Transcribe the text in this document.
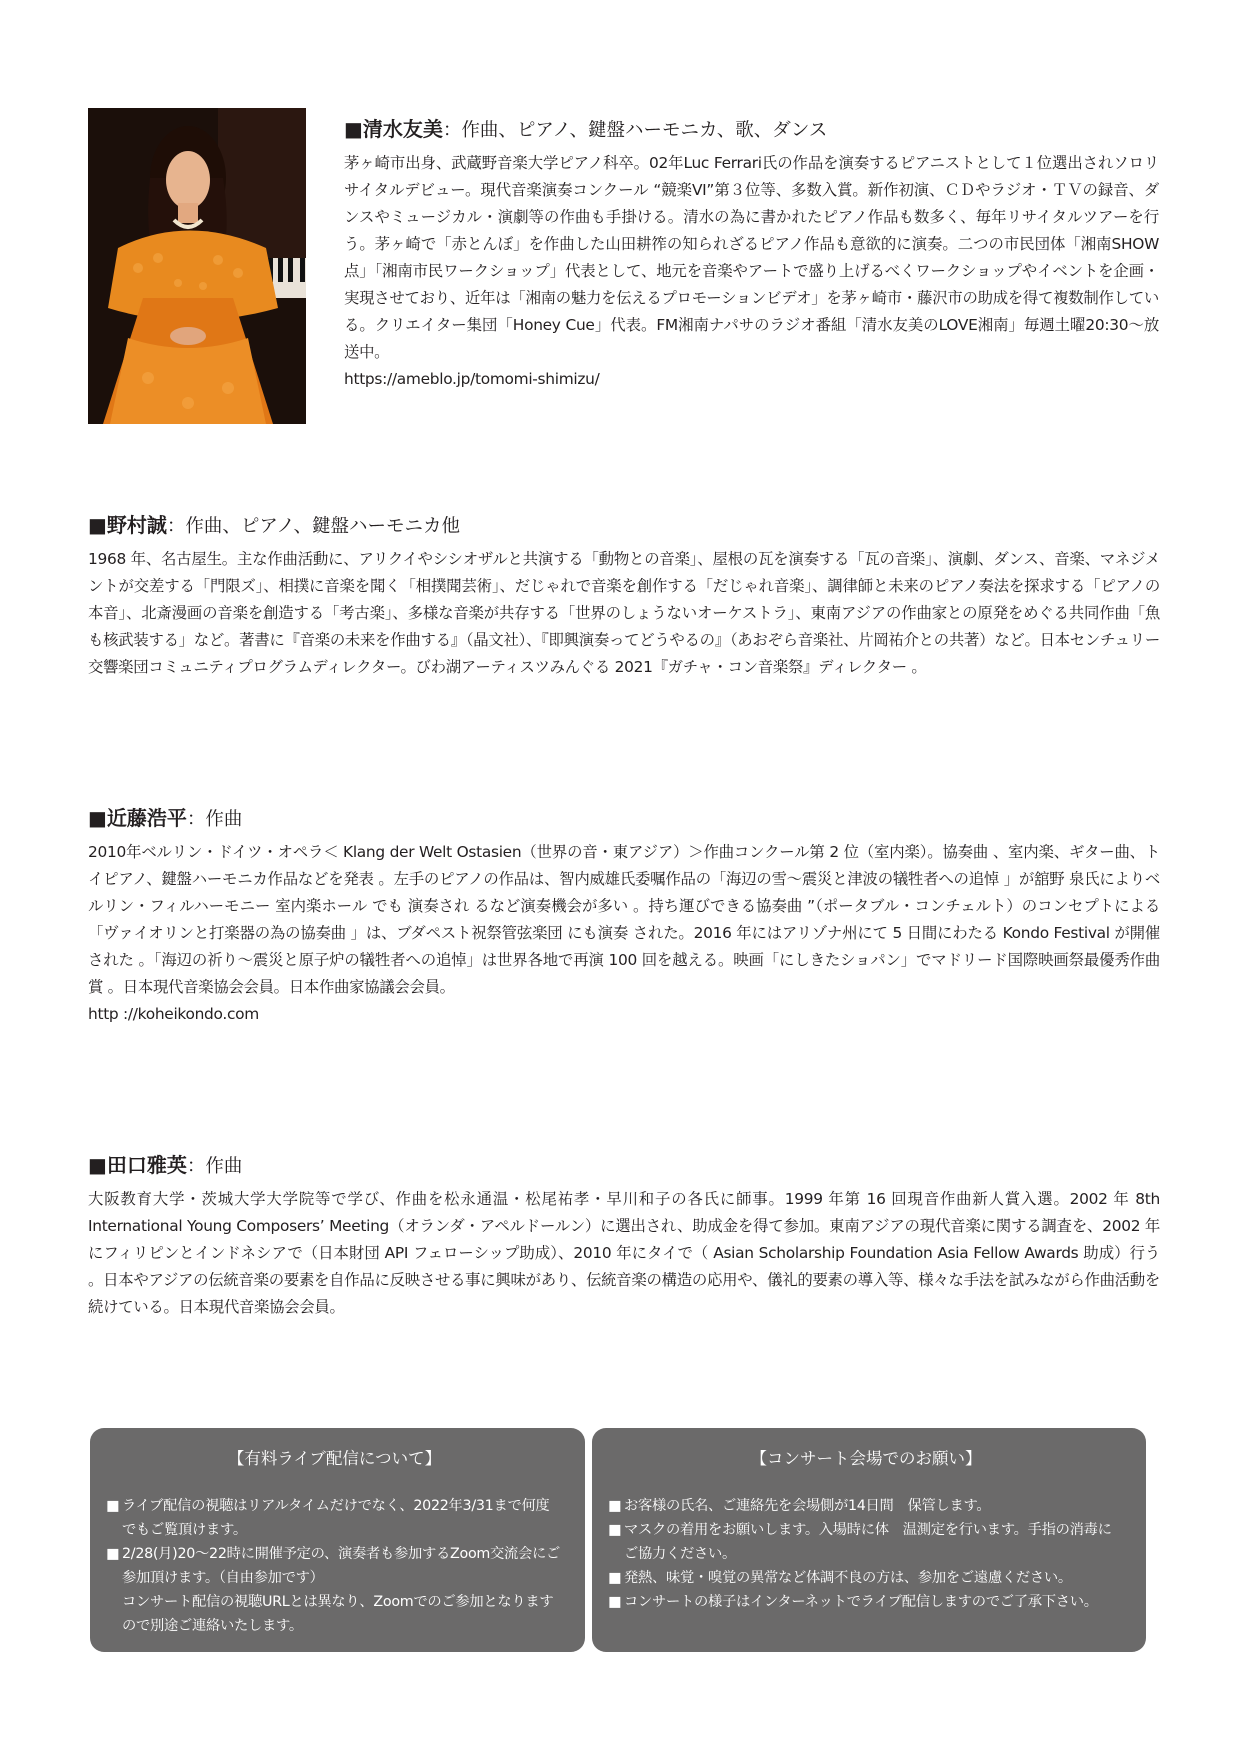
■清水友美：作曲、ピアノ、鍵盤ハーモニカ、歌、ダンス

茅ヶ崎市出身、武蔵野音楽大学ピアノ科卒。02年Luc Ferrari氏の作品を演奏するピアニストとして１位選出されソロリサイタルデビュー。現代音楽演奏コンクール “競楽VI”第３位等、多数入賞。新作初演、ＣＤやラジオ・ＴＶの録音、ダンスやミュージカル・演劇等の作曲も手掛ける。清水の為に書かれたピアノ作品も数多く、毎年リサイタルツアーを行う。茅ヶ崎で「赤とんぼ」を作曲した山田耕筰の知られざるピアノ作品も意欲的に演奏。二つの市民団体「湘南SHOW点」「湘南市民ワークショップ」代表として、地元を音楽やアートで盛り上げるべくワークショップやイベントを企画・実現させており、近年は「湘南の魅力を伝えるプロモーションビデオ」を茅ヶ崎市・藤沢市の助成を得て複数制作している。クリエイター集団「Honey Cue」代表。FM湘南ナパサのラジオ番組「清水友美のLOVE湘南」毎週土曜20:30〜放送中。

https://ameblo.jp/tomomi-shimizu/

■野村誠：作曲、ピアノ、鍵盤ハーモニカ他

1968 年、名古屋生。主な作曲活動に、アリクイやシシオザルと共演する「動物との音楽」、屋根の瓦を演奏する「瓦の音楽」、演劇、ダンス、音楽、マネジメントが交差する「門限ズ」、相撲に音楽を聞く「相撲聞芸術」、だじゃれで音楽を創作する「だじゃれ音楽」、調律師と未来のピアノ奏法を探求する「ピアノの本音」、北斎漫画の音楽を創造する「考古楽」、多様な音楽が共存する「世界のしょうないオーケストラ」、東南アジアの作曲家との原発をめぐる共同作曲「魚も核武装する」など。著書に『音楽の未来を作曲する』（晶文社）、『即興演奏ってどうやるの』（あおぞら音楽社、片岡祐介との共著）など。日本センチュリー交響楽団コミュニティプログラムディレクター。びわ湖アーティスツみんぐる 2021『ガチャ・コン音楽祭』ディレクター 。

■近藤浩平：作曲

2010年ベルリン・ドイツ・オペラ＜ Klang der Welt Ostasien（世界の音・東アジア）＞作曲コンクール第 2 位（室内楽）。協奏曲 、室内楽、ギター曲、トイピアノ、鍵盤ハーモニカ作品などを発表 。左手のピアノの作品は、智内威雄氏委嘱作品の「海辺の雪〜震災と津波の犠牲者への追悼 」が舘野 泉氏によりベルリン・フィルハーモニー 室内楽ホール でも 演奏され るなど演奏機会が多い 。持ち運びできる協奏曲 ”（ポータブル・コンチェルト）のコンセプトによる「ヴァイオリンと打楽器の為の協奏曲 」は、ブダペスト祝祭管弦楽団 にも演奏 された。2016 年にはアリゾナ州にて 5 日間にわたる Kondo Festival が開催 された 。「海辺の祈り〜震災と原子炉の犠牲者への追悼」は世界各地で再演 100 回を越える。映画「にしきたショパン」でマドリード国際映画祭最優秀作曲賞 。日本現代音楽協会会員。日本作曲家協議会会員。

http ://koheikondo.com

■田口雅英：作曲

大阪教育大学・茨城大学大学院等で学び、作曲を松永通温・松尾祐孝・早川和子の各氏に師事。1999 年第 16 回現音作曲新人賞入選。2002 年 8th International Young Composers’ Meeting（オランダ・アペルドールン）に選出され、助成金を得て参加。東南アジアの現代音楽に関する調査を、2002 年にフィリピンとインドネシアで（日本財団 API フェローシップ助成）、2010 年にタイで（ Asian Scholarship Foundation Asia Fellow Awards 助成）行う 。日本やアジアの伝統音楽の要素を自作品に反映させる事に興味があり、伝統音楽の構造の応用や、儀礼的要素の導入等、様々な手法を試みながら作曲活動を続けている。日本現代音楽協会会員。

【有料ライブ配信について】
■ ライブ配信の視聴はリアルタイムだけでなく、2022年3/31まで何度でもご覧頂けます。
■ 2/28(月)20〜22時に開催予定の、演奏者も参加するZoom交流会にご参加頂けます。（自由参加です）
コンサート配信の視聴URLとは異なり、Zoomでのご参加となりますので別途ご連絡いたします。
【コンサート会場でのお願い】
■ お客様の氏名、ご連絡先を会場側が14日間　保管します。
■ マスクの着用をお願いします。入場時に体　温測定を行います。手指の消毒にご協力ください。
■ 発熱、味覚・嗅覚の異常など体調不良の方は、参加をご遠慮ください。
■ コンサートの様子はインターネットでライブ配信しますのでご了承下さい。
